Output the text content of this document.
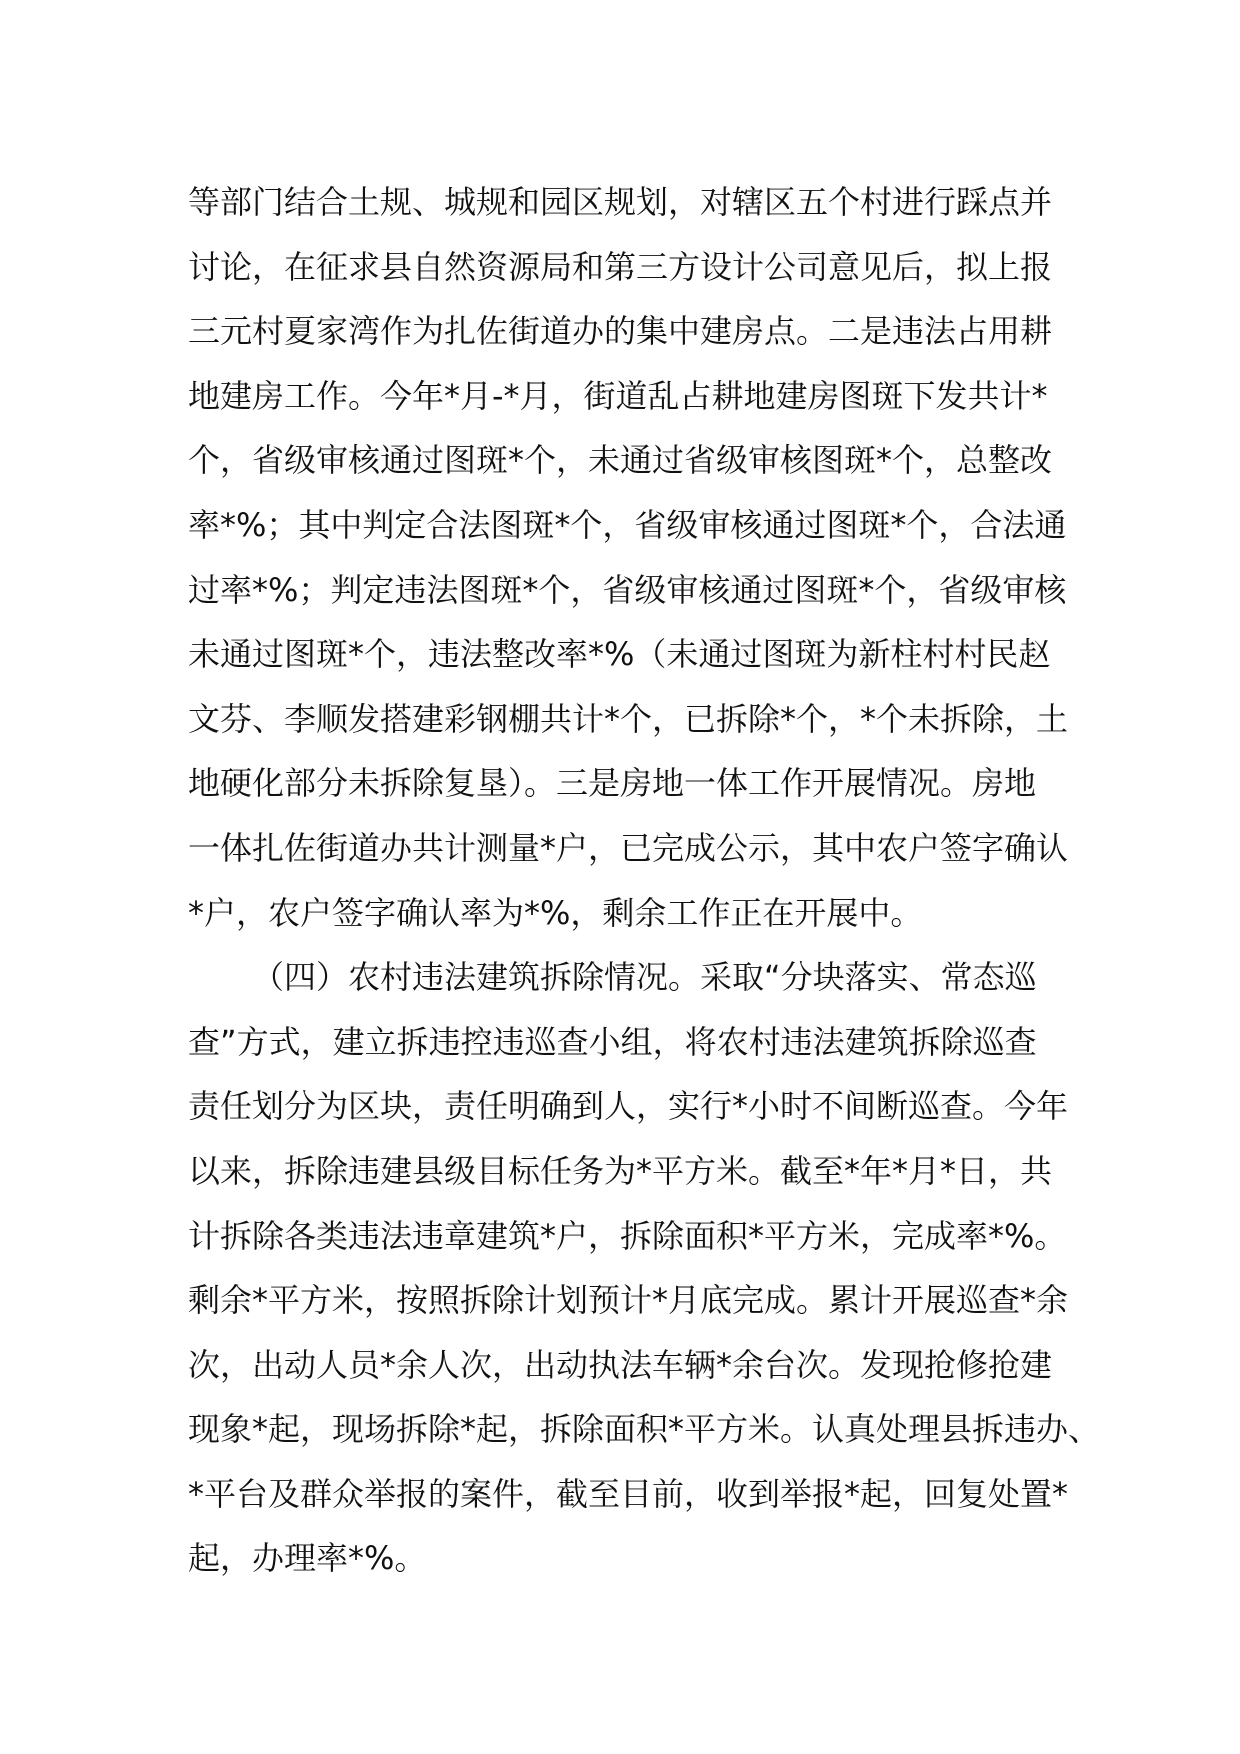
等部门结合土规、城规和园区规划，对辖区五个村进行踩点并
讨论，在征求县自然资源局和第三方设计公司意见后，拟上报
三元村夏家湾作为扎佐街道办的集中建房点。二是违法占用耕
地建房工作。今年*月-*月，街道乱占耕地建房图斑下发共计*
个，省级审核通过图斑*个，未通过省级审核图斑*个，总整改
率*%；其中判定合法图斑*个，省级审核通过图斑*个，合法通
过率*%；判定违法图斑*个，省级审核通过图斑*个，省级审核
未通过图斑*个，违法整改率*%（未通过图斑为新柱村村民赵
文芬、李顺发搭建彩钢棚共计*个，已拆除*个，*个未拆除，土
地硬化部分未拆除复垦）。三是房地一体工作开展情况。房地
一体扎佐街道办共计测量*户，已完成公示，其中农户签字确认
*户，农户签字确认率为*%，剩余工作正在开展中。
（四）农村违法建筑拆除情况。采取“分块落实、常态巡
查”方式，建立拆违控违巡查小组，将农村违法建筑拆除巡查
责任划分为区块，责任明确到人，实行*小时不间断巡查。今年
以来，拆除违建县级目标任务为*平方米。截至*年*月*日，共
计拆除各类违法违章建筑*户，拆除面积*平方米，完成率*%。
剩余*平方米，按照拆除计划预计*月底完成。累计开展巡查*余
次，出动人员*余人次，出动执法车辆*余台次。发现抢修抢建
现象*起，现场拆除*起，拆除面积*平方米。认真处理县拆违办、
*平台及群众举报的案件，截至目前，收到举报*起，回复处置*
起，办理率*%。
